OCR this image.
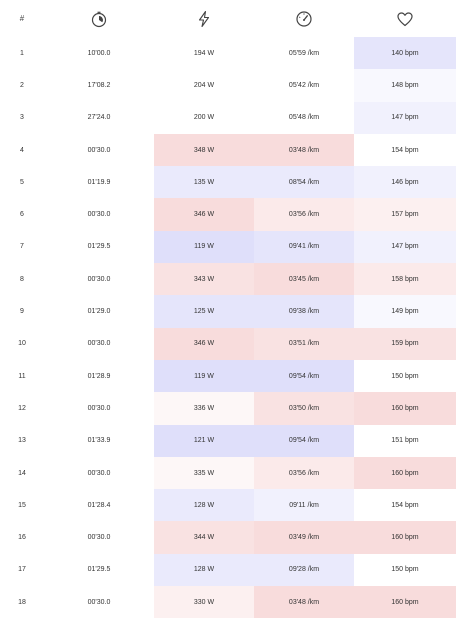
#
1	10'00.0	194 W	05'59 /km	140 bpm
2	17'08.2	204 W	05'42 /km	148 bpm
3	27'24.0	200 W	05'48 /km	147 bpm
4	00'30.0	348 W	03'48 /km	154 bpm
5	01'19.9	135 W	08'54 /km	146 bpm
6	00'30.0	346 W	03'56 /km	157 bpm
7	01'29.5	119 W	09'41 /km	147 bpm
8	00'30.0	343 W	03'45 /km	158 bpm
9	01'29.0	125 W	09'38 /km	149 bpm
10	00'30.0	346 W	03'51 /km	159 bpm
11	01'28.9	119 W	09'54 /km	150 bpm
12	00'30.0	336 W	03'50 /km	160 bpm
13	01'33.9	121 W	09'54 /km	151 bpm
14	00'30.0	335 W	03'56 /km	160 bpm
15	01'28.4	128 W	09'11 /km	154 bpm
16	00'30.0	344 W	03'49 /km	160 bpm
17	01'29.5	128 W	09'28 /km	150 bpm
18	00'30.0	330 W	03'48 /km	160 bpm
